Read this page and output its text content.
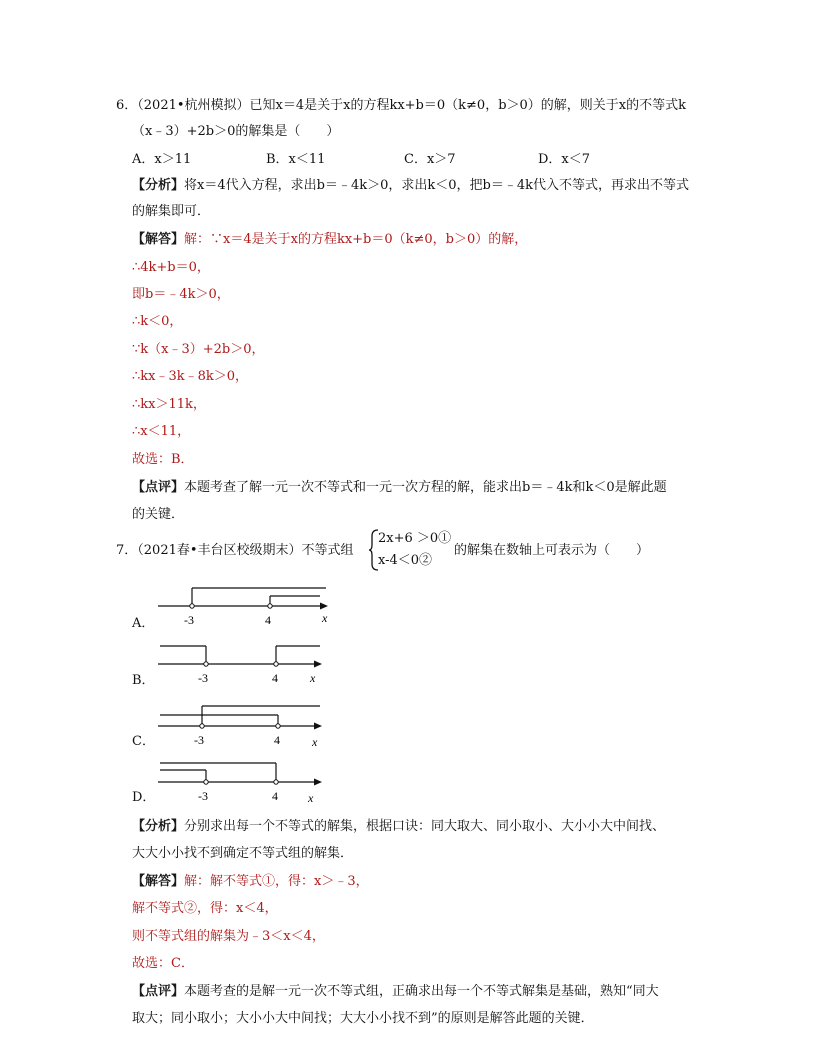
6．（2021•杭州模拟）已知x＝4是关于x的方程kx+b＝0（k≠0，b＞0）的解，则关于x的不等式k
（x﹣3）+2b＞0的解集是（　　）
A．x＞11	B．x＜11	C．x＞7	D．x＜7
【分析】将x＝4代入方程，求出b＝﹣4k＞0，求出k＜0，把b＝﹣4k代入不等式，再求出不等式
的解集即可．
【解答】解：∵x＝4是关于x的方程kx+b＝0（k≠0，b＞0）的解，
∴4k+b＝0，
即b＝﹣4k＞0，
∴k＜0，
∵k（x﹣3）+2b＞0，
∴kx﹣3k﹣8k＞0，
∴kx＞11k，
∴x＜11，
故选：B．
【点评】本题考查了解一元一次不等式和一元一次方程的解，能求出b＝﹣4k和k＜0是解此题
的关键．
7．（2021春•丰台区校级期末）不等式组
2x+6 ＞0①
x-4＜0②
的解集在数轴上可表示为（　　）
A． -3	4	x
B．	-3	4	x
C．	-3	4	x
D．	-3	4	x
【分析】分别求出每一个不等式的解集，根据口诀：同大取大、同小取小、大小小大中间找、
大大小小找不到确定不等式组的解集．
【解答】解：解不等式①，得：x＞﹣3，
解不等式②，得：x＜4，
则不等式组的解集为﹣3＜x＜4，
故选：C．
【点评】本题考查的是解一元一次不等式组，正确求出每一个不等式解集是基础，熟知“同大
取大；同小取小；大小小大中间找；大大小小找不到”的原则是解答此题的关键．
